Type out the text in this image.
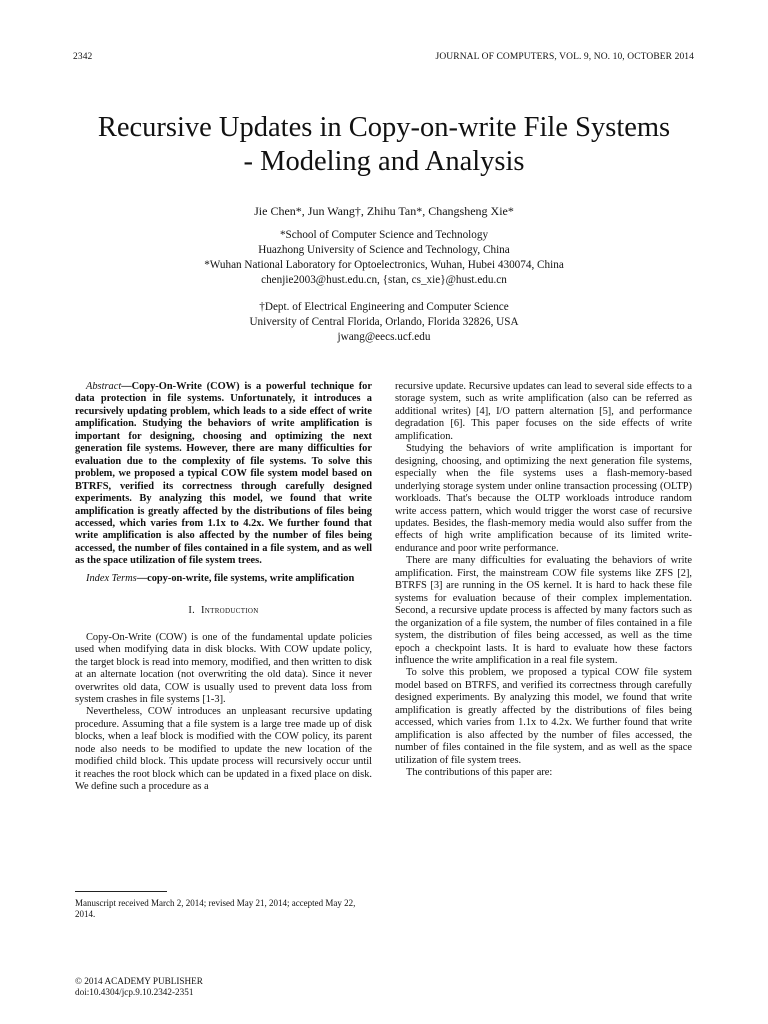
2342	JOURNAL OF COMPUTERS, VOL. 9, NO. 10, OCTOBER 2014
Recursive Updates in Copy-on-write File Systems
- Modeling and Analysis
Jie Chen*, Jun Wang†, Zhihu Tan*, Changsheng Xie*
*School of Computer Science and Technology
Huazhong University of Science and Technology, China
*Wuhan National Laboratory for Optoelectronics, Wuhan, Hubei 430074, China
chenjie2003@hust.edu.cn, {stan, cs_xie}@hust.edu.cn
†Dept. of Electrical Engineering and Computer Science
University of Central Florida, Orlando, Florida 32826, USA
jwang@eecs.ucf.edu

Abstract—Copy-On-Write (COW) is a powerful technique for data protection in file systems. Unfortunately, it introduces a recursively updating problem, which leads to a side effect of write amplification. Studying the behaviors of write amplification is important for designing, choosing and optimizing the next generation file systems. However, there are many difficulties for evaluation due to the complexity of file systems. To solve this problem, we proposed a typical COW file system model based on BTRFS, verified its correctness through carefully designed experiments. By analyzing this model, we found that write amplification is greatly affected by the distributions of files being accessed, which varies from 1.1x to 4.2x. We further found that write amplification is also affected by the number of files being accessed, the number of files contained in a file system, and as well as the space utilization of file system trees.

Index Terms—copy-on-write, file systems, write amplification

I. Introduction

Copy-On-Write (COW) is one of the fundamental update policies used when modifying data in disk blocks. With COW update policy, the target block is read into memory, modified, and then written to disk at an alternate location (not overwriting the old data). Since it never overwrites old data, COW is usually used to prevent data loss from system crashes in file systems [1-3].

Nevertheless, COW introduces an unpleasant recursive updating procedure. Assuming that a file system is a large tree made up of disk blocks, when a leaf block is modified with the COW policy, its parent node also needs to be modified to update the new location of the modified child block. This update process will recursively occur until it reaches the root block which can be updated in a fixed place on disk. We define such a procedure as a

recursive update. Recursive updates can lead to several side effects to a storage system, such as write amplification (also can be referred as additional writes) [4], I/O pattern alternation [5], and performance degradation [6]. This paper focuses on the side effects of write amplification.

Studying the behaviors of write amplification is important for designing, choosing, and optimizing the next generation file systems, especially when the file systems uses a flash-memory-based underlying storage system under online transaction processing (OLTP) workloads. That's because the OLTP workloads introduce random write access pattern, which would trigger the worst case of recursive updates. Besides, the flash-memory media would also suffer from the effects of high write amplification because of its limited write-endurance and poor write performance.

There are many difficulties for evaluating the behaviors of write amplification. First, the mainstream COW file systems like ZFS [2], BTRFS [3] are running in the OS kernel. It is hard to hack these file systems for evaluation because of their complex implementation. Second, a recursive update process is affected by many factors such as the organization of a file system, the number of files contained in a file system, the distribution of files being accessed, as well as the time epoch a checkpoint lasts. It is hard to evaluate how these factors influence the write amplification in a real file system.

To solve this problem, we proposed a typical COW file system model based on BTRFS, and verified its correctness through carefully designed experiments. By analyzing this model, we found that write amplification is greatly affected by the distributions of files being accessed, which varies from 1.1x to 4.2x. We further found that write amplification is also affected by the number of files accessed, the number of files contained in the file system, and as well as the space utilization of file system trees.

The contributions of this paper are:

Manuscript received March 2, 2014; revised May 21, 2014; accepted May 22, 2014.
© 2014 ACADEMY PUBLISHER
doi:10.4304/jcp.9.10.2342-2351
